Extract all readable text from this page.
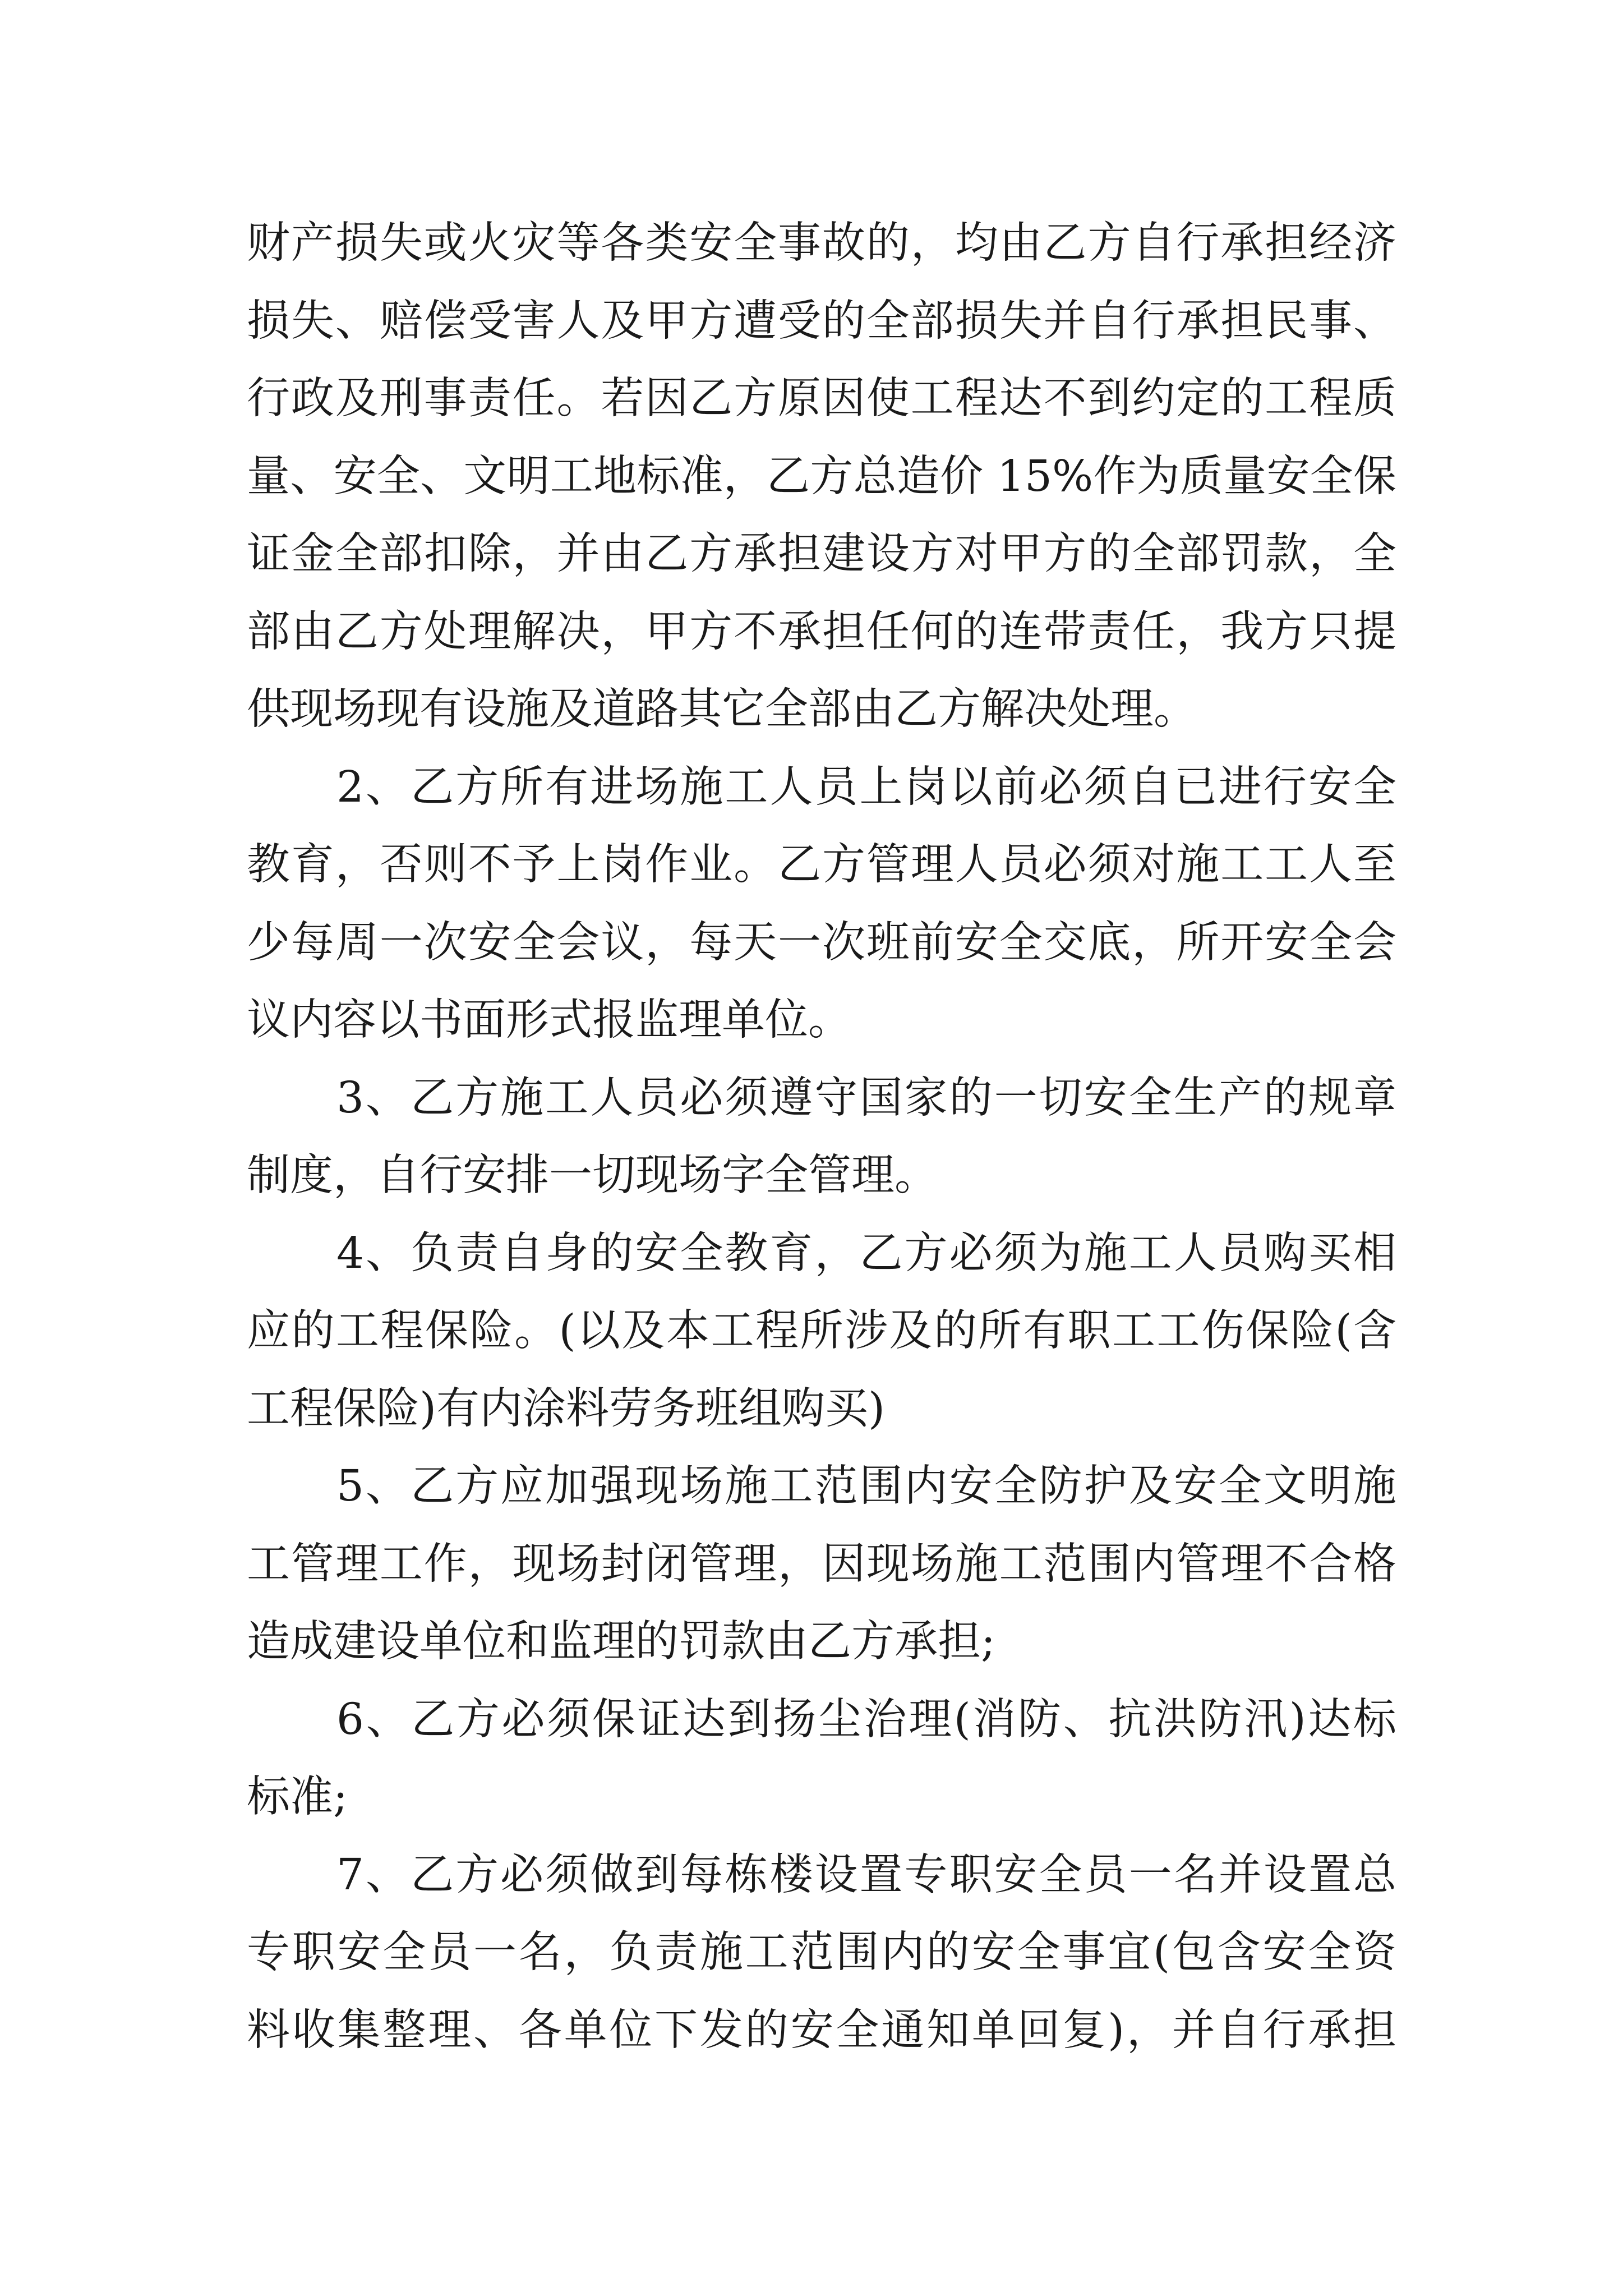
财产损失或火灾等各类安全事故的，均由乙方自行承担经济
损失、赔偿受害人及甲方遭受的全部损失并自行承担民事、
行政及刑事责任。若因乙方原因使工程达不到约定的工程质
量、安全、文明工地标准，乙方总造价 15%作为质量安全保
证金全部扣除，并由乙方承担建设方对甲方的全部罚款，全
部由乙方处理解决，甲方不承担任何的连带责任，我方只提
供现场现有设施及道路其它全部由乙方解决处理。
2、乙方所有进场施工人员上岗以前必须自已进行安全
教育，否则不予上岗作业。乙方管理人员必须对施工工人至
少每周一次安全会议，每天一次班前安全交底，所开安全会
议内容以书面形式报监理单位。
3、乙方施工人员必须遵守国家的一切安全生产的规章
制度，自行安排一切现场字全管理。
4、负责自身的安全教育，乙方必须为施工人员购买相
应的工程保险。(以及本工程所涉及的所有职工工伤保险(含
工程保险)有内涂料劳务班组购买)
5、乙方应加强现场施工范围内安全防护及安全文明施
工管理工作，现场封闭管理，因现场施工范围内管理不合格
造成建设单位和监理的罚款由乙方承担;
6、乙方必须保证达到扬尘治理(消防、抗洪防汛)达标
标准;
7、乙方必须做到每栋楼设置专职安全员一名并设置总
专职安全员一名，负责施工范围内的安全事宜(包含安全资
料收集整理、各单位下发的安全通知单回复)，并自行承担
